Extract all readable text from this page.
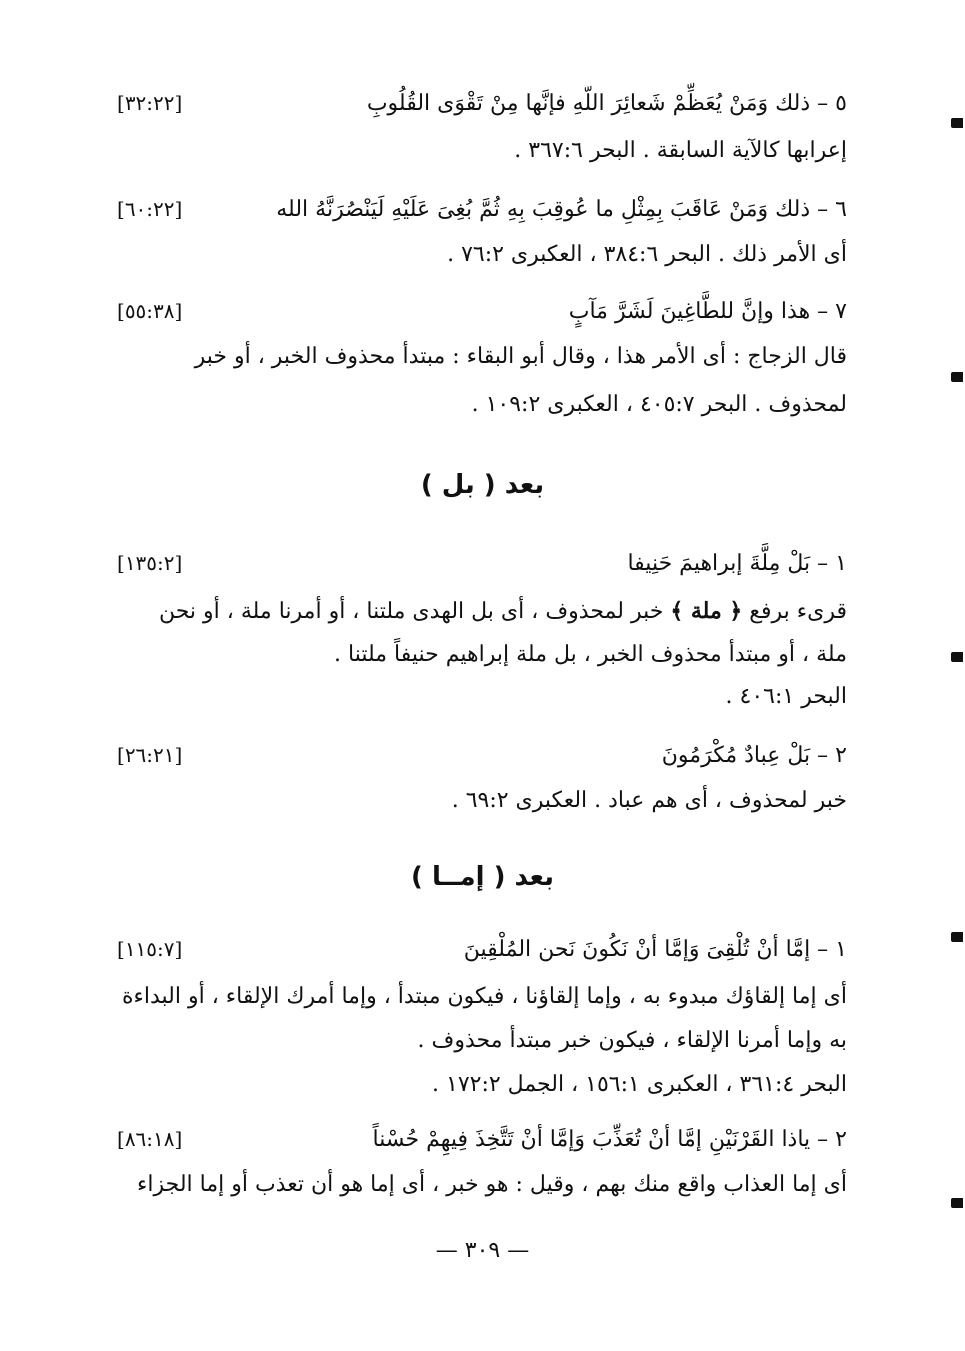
٥ – ذلك وَمَنْ يُعَظِّمْ شَعائِرَ اللّهِ فإنَّها مِنْ تَقْوَى القُلُوبِ
[٣٢:٢٢]
إعرابها كالآية السابقة . البحر ٣٦٧:٦ .
٦ – ذلك وَمَنْ عَاقَبَ بِمِثْلِ ما عُوقِبَ بِهِ ثُمَّ بُغِىَ عَلَيْهِ لَيَنْصُرَنَّهُ الله
[٦٠:٢٢]
أى الأمر ذلك . البحر ٣٨٤:٦ ، العكبرى ٧٦:٢ .
٧ – هذا وإنَّ للطَّاغِينَ لَشَرَّ مَآبٍ
[٥٥:٣٨]
قال الزجاج : أى الأمر هذا ، وقال أبو البقاء : مبتدأ محذوف الخبر ، أو خبر
لمحذوف . البحر ٤٠٥:٧ ، العكبرى ١٠٩:٢ .
بعد ( بل )
١ – بَلْ مِلَّةَ إبراهيمَ حَنِيفا
[١٣٥:٢]
قرىء برفع ﴿ ملة ﴾ خبر لمحذوف ، أى بل الهدى ملتنا ، أو أمرنا ملة ، أو نحن
ملة ، أو مبتدأ محذوف الخبر ، بل ملة إبراهيم حنيفاً ملتنا .
البحر ٤٠٦:١ .
٢ – بَلْ عِبادٌ مُكْرَمُونَ
[٢٦:٢١]
خبر لمحذوف ، أى هم عباد . العكبرى ٦٩:٢ .
بعد ( إمــا )
١ – إمَّا أنْ تُلْقِىَ وَإمَّا أنْ نَكُونَ نَحن المُلْقِينَ
[١١٥:٧]
أى إما إلقاؤك مبدوء به ، وإما إلقاؤنا ، فيكون مبتدأ ، وإما أمرك الإلقاء ، أو البداءة
به وإما أمرنا الإلقاء ، فيكون خبر مبتدأ محذوف .
البحر ٣٦١:٤ ، العكبرى ١٥٦:١ ، الجمل ١٧٢:٢ .
٢ – ياذا القَرْنَيْنِ إمَّا أنْ تُعَذِّبَ وَإمَّا أنْ تَتَّخِذَ فِيهِمْ حُسْناً
[٨٦:١٨]
أى إما العذاب واقع منك بهم ، وقيل : هو خبر ، أى إما هو أن تعذب أو إما الجزاء
— ٣٠٩ —
